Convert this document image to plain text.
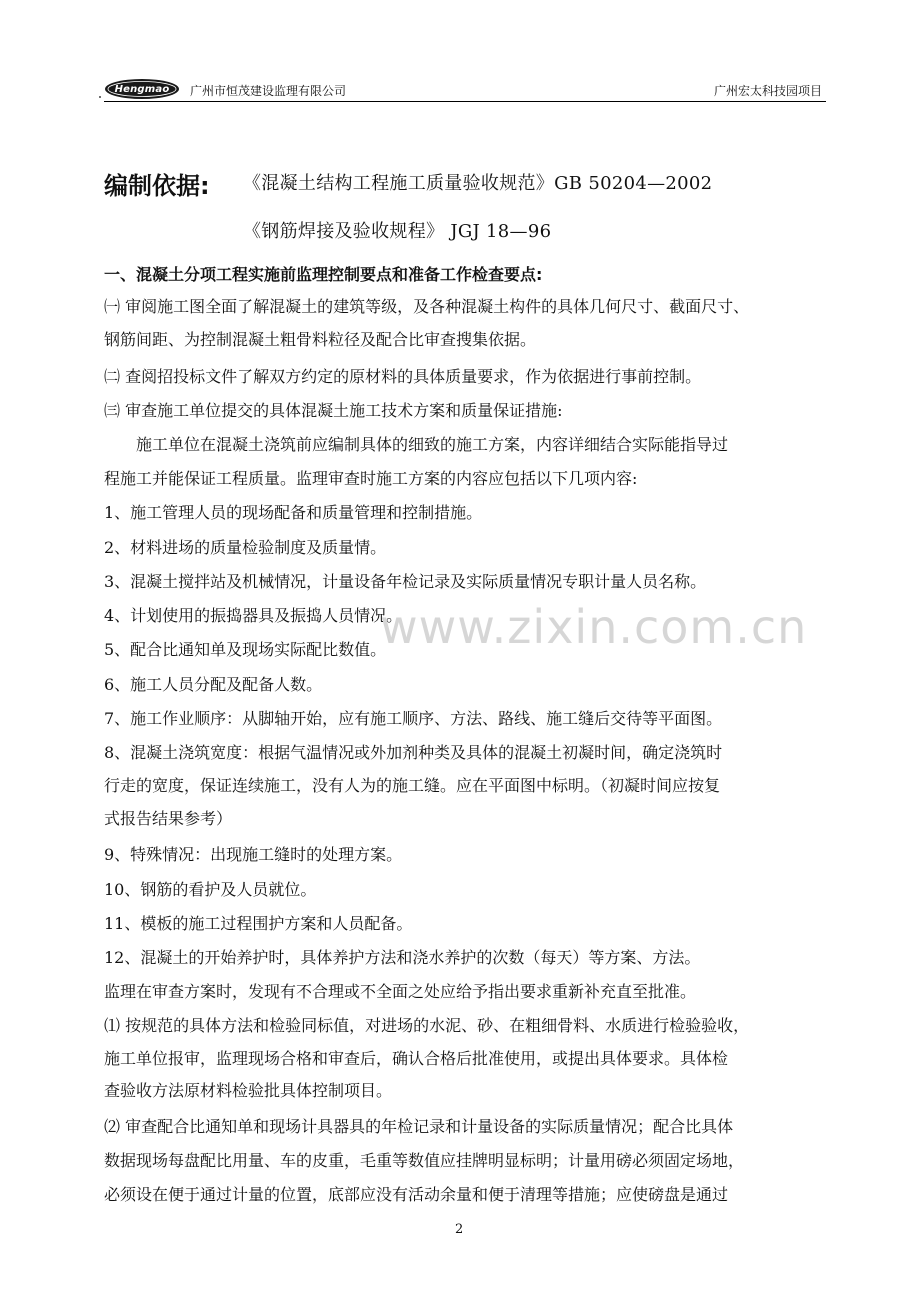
Hengmao 广州市恒茂建设监理有限公司	广州宏太科技园项目
编制依据: 《混凝土结构工程施工质量验收规范》GB 50204—2002
《钢筋焊接及验收规程》 JGJ 18—96
一、混凝土分项工程实施前监理控制要点和准备工作检查要点:
㈠ 审阅施工图全面了解混凝土的建筑等级，及各种混凝土构件的具体几何尺寸、截面尺寸、
钢筋间距、为控制混凝土粗骨料粒径及配合比审查搜集依据。
㈡ 查阅招投标文件了解双方约定的原材料的具体质量要求，作为依据进行事前控制。
㈢ 审查施工单位提交的具体混凝土施工技术方案和质量保证措施:
　　施工单位在混凝土浇筑前应编制具体的细致的施工方案，内容详细结合实际能指导过
程施工并能保证工程质量。监理审查时施工方案的内容应包括以下几项内容:
1、施工管理人员的现场配备和质量管理和控制措施。
2、材料进场的质量检验制度及质量情。
3、混凝土搅拌站及机械情况，计量设备年检记录及实际质量情况专职计量人员名称。
4、计划使用的振捣器具及振捣人员情况。
5、配合比通知单及现场实际配比数值。
6、施工人员分配及配备人数。
7、施工作业顺序：从脚轴开始，应有施工顺序、方法、路线、施工缝后交待等平面图。
8、混凝土浇筑宽度：根据气温情况或外加剂种类及具体的混凝土初凝时间，确定浇筑时
行走的宽度，保证连续施工，没有人为的施工缝。应在平面图中标明。（初凝时间应按复
式报告结果参考）
9、特殊情况：出现施工缝时的处理方案。
10、钢筋的看护及人员就位。
11、模板的施工过程围护方案和人员配备。
12、混凝土的开始养护时，具体养护方法和浇水养护的次数（每天）等方案、方法。
监理在审查方案时，发现有不合理或不全面之处应给予指出要求重新补充直至批准。
⑴ 按规范的具体方法和检验同标值，对进场的水泥、砂、在粗细骨料、水质进行检验验收，
施工单位报审，监理现场合格和审查后，确认合格后批准使用，或提出具体要求。具体检
查验收方法原材料检验批具体控制项目。
⑵ 审查配合比通知单和现场计具器具的年检记录和计量设备的实际质量情况；配合比具体
数据现场每盘配比用量、车的皮重，毛重等数值应挂牌明显标明；计量用磅必须固定场地，
必须设在便于通过计量的位置，底部应没有活动余量和便于清理等措施；应使磅盘是通过
www.zixin.com.cn
2
